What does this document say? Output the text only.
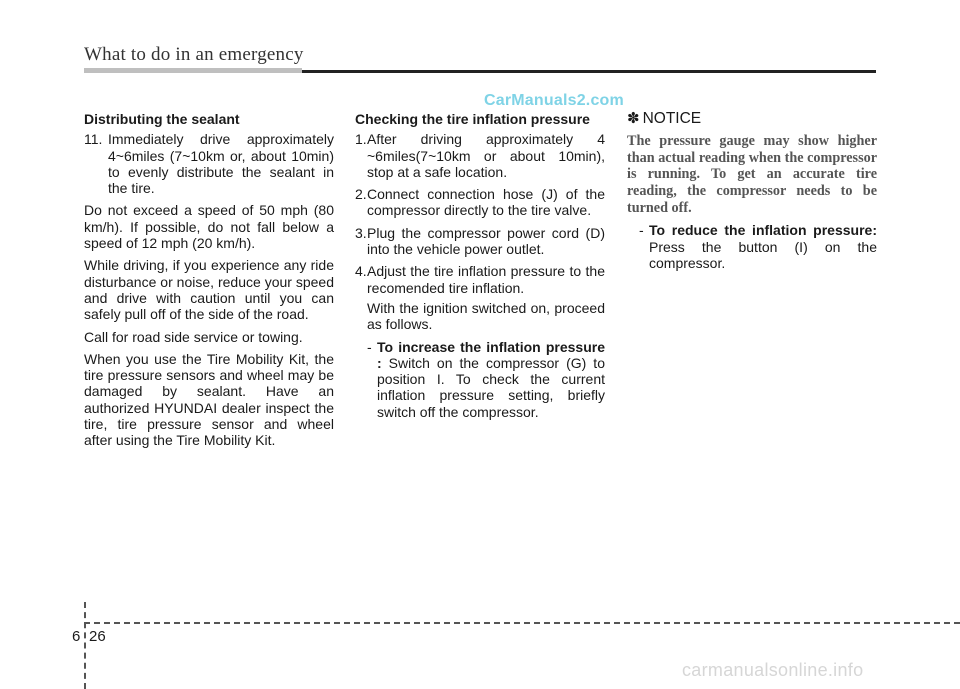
What to do in an emergency
CarManuals2.com
Distributing the sealant
11. Immediately drive approximately 4~6miles (7~10km or, about 10min) to evenly distribute the sealant in the tire.

Do not exceed a speed of 50 mph (80 km/h). If possible, do not fall below a speed of 12 mph (20 km/h).

While driving, if you experience any ride disturbance or noise, reduce your speed and drive with caution until you can safely pull off of the side of the road.

Call for road side service or towing.

When you use the Tire Mobility Kit, the tire pressure sensors and wheel may be damaged by sealant. Have an authorized HYUNDAI dealer inspect the tire, tire pressure sensor and wheel after using the Tire Mobility Kit.

Checking the tire inflation pressure
1. After driving approximately 4 ~6miles(7~10km or about 10min), stop at a safe location.
2. Connect connection hose (J) of the compressor directly to the tire valve.
3. Plug the compressor power cord (D) into the vehicle power outlet.
4. Adjust the tire inflation pressure to the recomended tire inflation.

With the ignition switched on, proceed as follows.

- To increase the inflation pressure : Switch on the compressor (G) to position I. To check the current inflation pressure setting, briefly switch off the compressor.
✽ NOTICE

The pressure gauge may show higher than actual reading when the compressor is running. To get an accurate tire reading, the compressor needs to be turned off.

- To reduce the inflation pressure: Press the button (I) on the compressor.
6 26
carmanualsonline.info
